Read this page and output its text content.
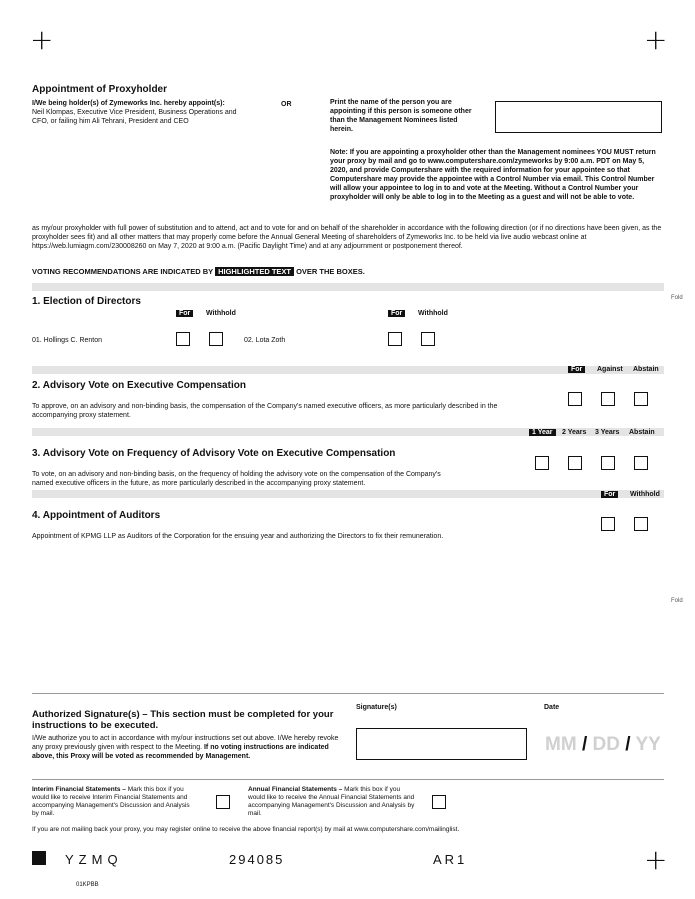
+	+
+
Appointment of Proxyholder
I/We being holder(s) of Zymeworks Inc. hereby appoint(s):
Neil Klompas, Executive Vice President, Business Operations and CFO, or failing him Ali Tehrani, President and CEO
OR	Print the name of the person you are appointing if this person is someone other than the Management Nominees listed herein.
Note: If you are appointing a proxyholder other than the Management nominees YOU MUST return your proxy by mail and go to www.computershare.com/zymeworks by 9:00 a.m. PDT on May 5, 2020, and provide Computershare with the required information for your appointee so that Computershare may provide the appointee with a Control Number via email. This Control Number will allow your appointee to log in to and vote at the Meeting. Without a Control Number your proxyholder will only be able to log in to the Meeting as a guest and will not be able to vote.
as my/our proxyholder with full power of substitution and to attend, act and to vote for and on behalf of the shareholder in accordance with the following direction (or if no directions have been given, as the proxyholder sees fit) and all other matters that may properly come before the Annual General Meeting of shareholders of Zymeworks Inc. to be held via live audio webcast online at https://web.lumiagm.com/230008260 on May 7, 2020 at 9:00 a.m. (Pacific Daylight Time) and at any adjournment or postponement thereof.
VOTING RECOMMENDATIONS ARE INDICATED BY HIGHLIGHTED TEXT OVER THE BOXES.
Fold
1. Election of Directors
For	Withhold	For	Withhold
01. Hollings C. Renton	02. Lota Zoth
For	Against Abstain
2. Advisory Vote on Executive Compensation
To approve, on an advisory and non-binding basis, the compensation of the Company's named executive officers, as more particularly described in the accompanying proxy statement.
1 Year	2 Years 3 Years Abstain
3. Advisory Vote on Frequency of Advisory Vote on Executive Compensation
To vote, on an advisory and non-binding basis, on the frequency of holding the advisory vote on the compensation of the Company's named executive officers in the future, as more particularly described in the accompanying proxy statement.
For	Withhold
4. Appointment of Auditors
Appointment of KPMG LLP as Auditors of the Corporation for the ensuing year and authorizing the Directors to fix their remuneration.
Fold
Authorized Signature(s) – This section must be completed for your instructions to be executed.
I/We authorize you to act in accordance with my/our instructions set out above. I/We hereby revoke any proxy previously given with respect to the Meeting. If no voting instructions are indicated above, this Proxy will be voted as recommended by Management.
Signature(s)	Date
MM / DD / YY
Interim Financial Statements – Mark this box if you would like to receive Interim Financial Statements and accompanying Management's Discussion and Analysis by mail.
Annual Financial Statements – Mark this box if you would like to receive the Annual Financial Statements and accompanying Management's Discussion and Analysis by mail.
If you are not mailing back your proxy, you may register online to receive the above financial report(s) by mail at www.computershare.com/mailinglist.
YZMQ	294085	AR1
01KPBB
